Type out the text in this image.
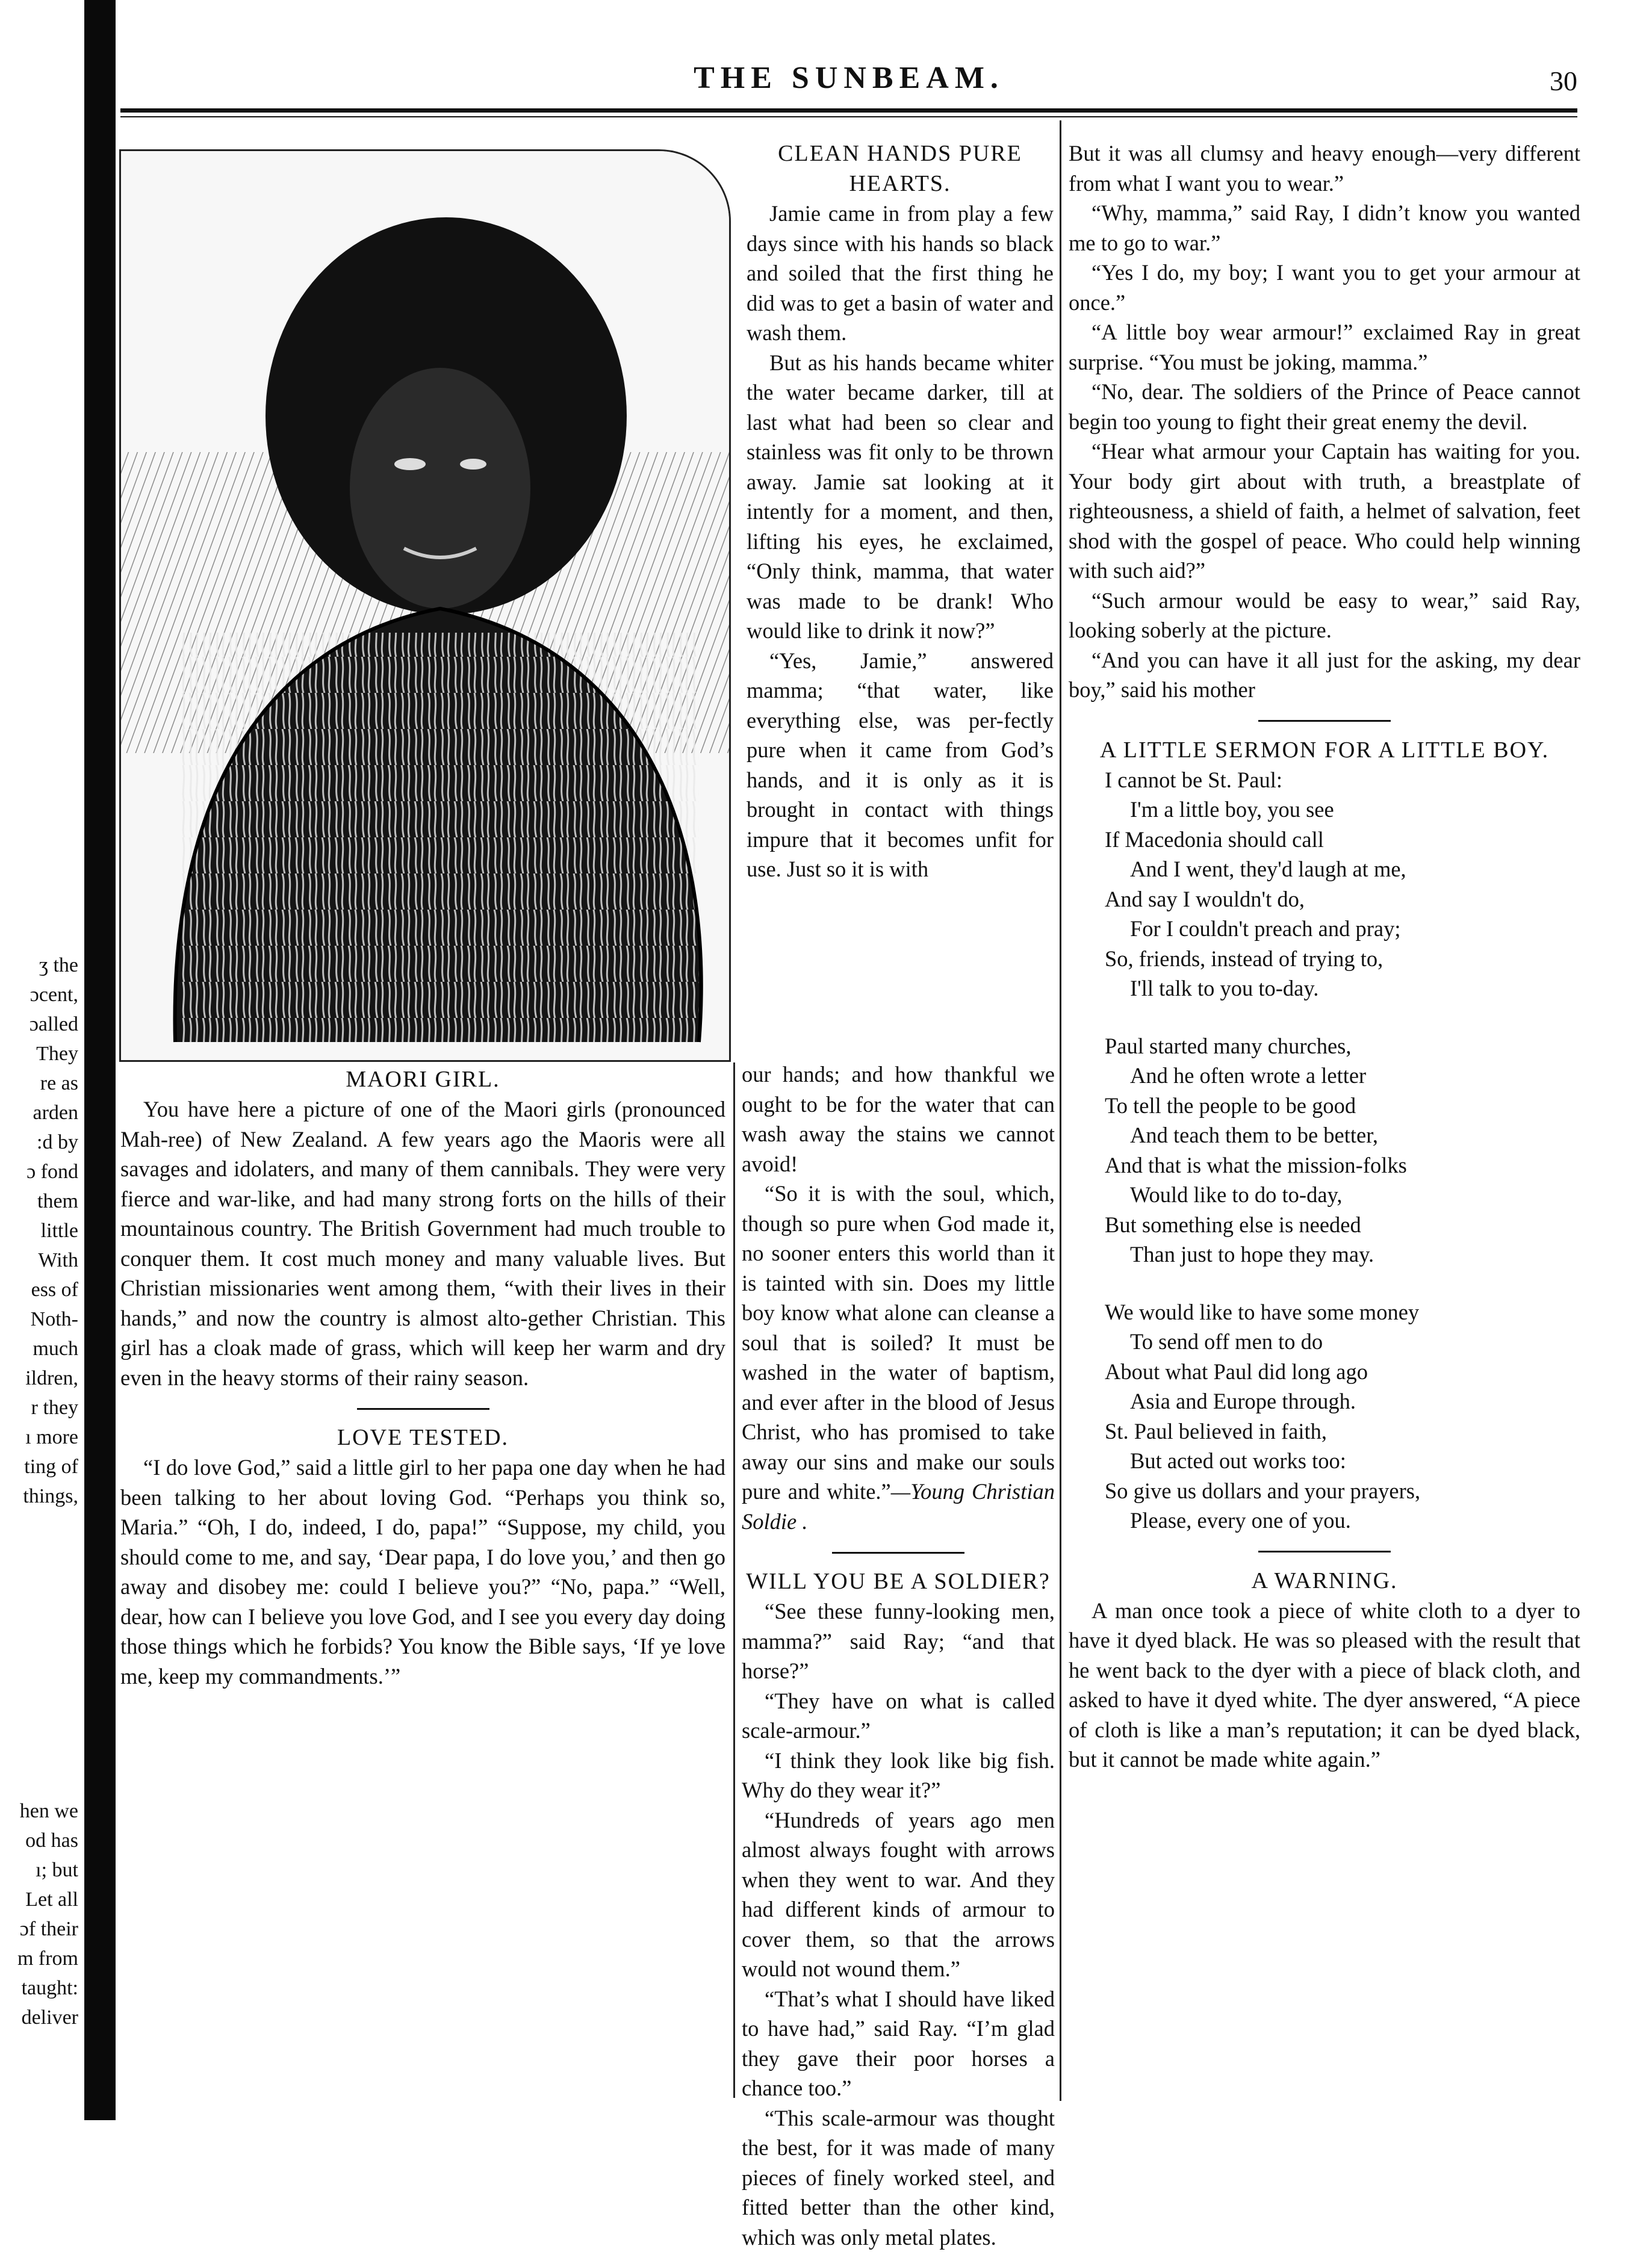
ʒ the
ɔcent,
ɔalled
They
re as
arden
:d by
ɔ fond
them
little
With
ess of
Noth-
much
ildren,
r they
ı more
ting of
things,
hen we
od has
ı; but
Let all
ɔf their
m from
taught:
deliver
THE SUNBEAM.	30

MAORI GIRL.

You have here a picture of one of the Maori girls (pronounced Mah-ree) of New Zealand. A few years ago the Maoris were all savages and idolaters, and many of them cannibals. They were very fierce and war-like, and had many strong forts on the hills of their mountainous country. The British Government had much trouble to conquer them. It cost much money and many valuable lives. But Christian missionaries went among them, “with their lives in their hands,” and now the country is almost alto-gether Christian. This girl has a cloak made of grass, which will keep her warm and dry even in the heavy storms of their rainy season.

LOVE TESTED.

“I do love God,” said a little girl to her papa one day when he had been talking to her about loving God. “Perhaps you think so, Maria.” “Oh, I do, indeed, I do, papa!” “Suppose, my child, you should come to me, and say, ‘Dear papa, I do love you,’ and then go away and disobey me: could I believe you?” “No, papa.” “Well, dear, how can I believe you love God, and I see you every day doing those things which he forbids? You know the Bible says, ‘If ye love me, keep my commandments.’”

CLEAN HANDS PURE HEARTS.

Jamie came in from play a few days since with his hands so black and soiled that the first thing he did was to get a basin of water and wash them.

But as his hands became whiter the water became darker, till at last what had been so clear and stainless was fit only to be thrown away. Jamie sat looking at it intently for a moment, and then, lifting his eyes, he exclaimed, “Only think, mamma, that water was made to be drank! Who would like to drink it now?”

“Yes, Jamie,” answered mamma; “that water, like everything else, was per-fectly pure when it came from God’s hands, and it is only as it is brought in contact with things impure that it becomes unfit for use. Just so it is with

our hands; and how thankful we ought to be for the water that can wash away the stains we cannot avoid!

“So it is with the soul, which, though so pure when God made it, no sooner enters this world than it is tainted with sin. Does my little boy know what alone can cleanse a soul that is soiled? It must be washed in the water of baptism, and ever after in the blood of Jesus Christ, who has promised to take away our sins and make our souls pure and white.”—Young Christian Soldie .

WILL YOU BE A SOLDIER?

“See these funny-looking men, mamma?” said Ray; “and that horse?”

“They have on what is called scale-armour.”

“I think they look like big fish. Why do they wear it?”

“Hundreds of years ago men almost always fought with arrows when they went to war. And they had different kinds of armour to cover them, so that the arrows would not wound them.”

“That’s what I should have liked to have had,” said Ray. “I’m glad they gave their poor horses a chance too.”

“This scale-armour was thought the best, for it was made of many pieces of finely worked steel, and fitted better than the other kind, which was only metal plates.

But it was all clumsy and heavy enough—very different from what I want you to wear.”

“Why, mamma,” said Ray, I didn’t know you wanted me to go to war.”

“Yes I do, my boy; I want you to get your armour at once.”

“A little boy wear armour!” exclaimed Ray in great surprise. “You must be joking, mamma.”

“No, dear. The soldiers of the Prince of Peace cannot begin too young to fight their great enemy the devil.

“Hear what armour your Captain has waiting for you. Your body girt about with truth, a breastplate of righteousness, a shield of faith, a helmet of salvation, feet shod with the gospel of peace. Who could help winning with such aid?”

“Such armour would be easy to wear,” said Ray, looking soberly at the picture.

“And you can have it all just for the asking, my dear boy,” said his mother

A LITTLE SERMON FOR A LITTLE BOY.

I cannot be St. Paul:

I'm a little boy, you see

If Macedonia should call

And I went, they'd laugh at me,

And say I wouldn't do,

For I couldn't preach and pray;

So, friends, instead of trying to,

I'll talk to you to-day.

Paul started many churches,

And he often wrote a letter

To tell the people to be good

And teach them to be better,

And that is what the mission-folks

Would like to do to-day,

But something else is needed

Than just to hope they may.

We would like to have some money

To send off men to do

About what Paul did long ago

Asia and Europe through.

St. Paul believed in faith,

But acted out works too:

So give us dollars and your prayers,

Please, every one of you.

A WARNING.

A man once took a piece of white cloth to a dyer to have it dyed black. He was so pleased with the result that he went back to the dyer with a piece of black cloth, and asked to have it dyed white. The dyer answered, “A piece of cloth is like a man’s reputation; it can be dyed black, but it cannot be made white again.”
